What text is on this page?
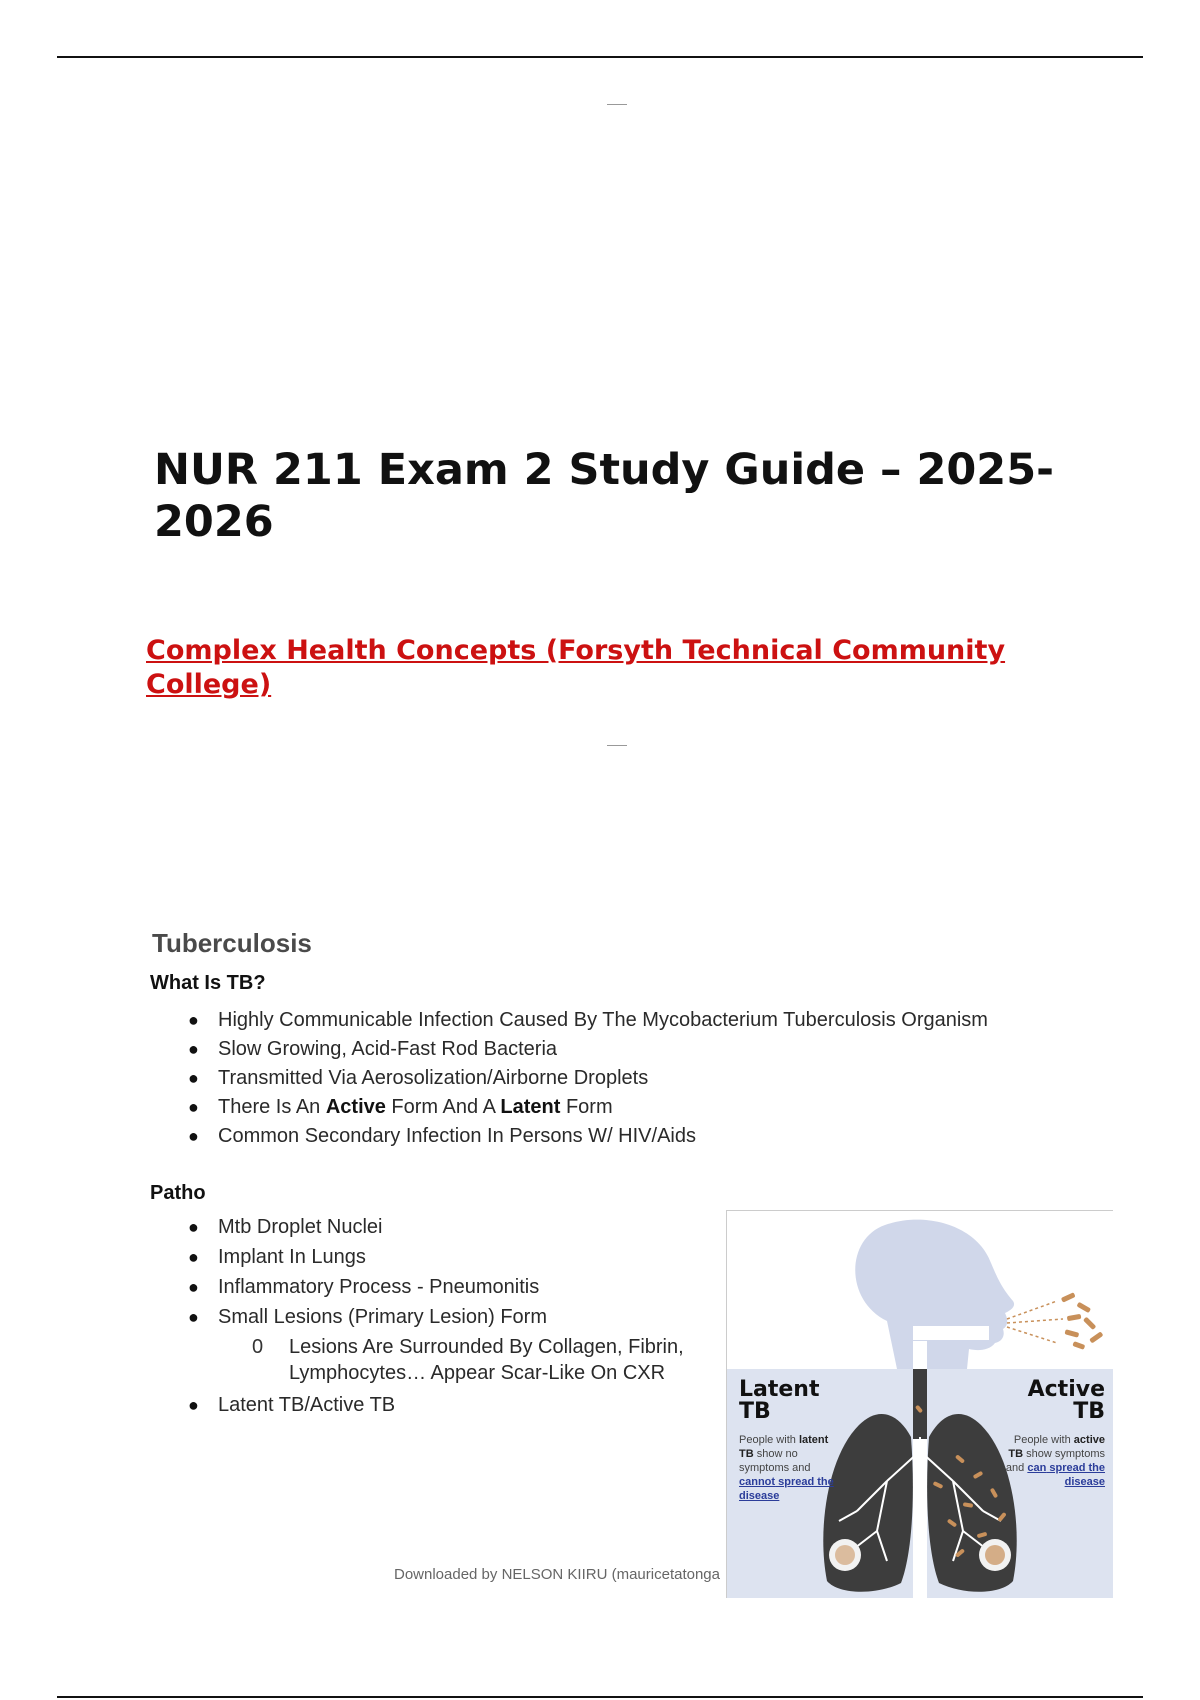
NUR 211 Exam 2 Study Guide – 2025-2026
Complex Health Concepts (Forsyth Technical Community College)
Tuberculosis

What Is TB?

● Highly Communicable Infection Caused By The Mycobacterium Tuberculosis Organism
● Slow Growing, Acid-Fast Rod Bacteria
● Transmitted Via Aerosolization/Airborne Droplets
● There Is An Active Form And A Latent Form
● Common Secondary Infection In Persons W/ HIV/Aids

Patho

● Mtb Droplet Nuclei
● Implant In Lungs
● Inflammatory Process - Pneumonitis
● Small Lesions (Primary Lesion) Form
0 Lesions Are Surrounded By Collagen, Fibrin, Lymphocytes… Appear Scar-Like On CXR
● Latent TB/Active TB
Downloaded by NELSON KIIRU (mauricetatonga
Latent
TB
Active
TB
People with latent TB show no symptoms and cannot spread the disease
People with active TB show symptoms and can spread the disease
